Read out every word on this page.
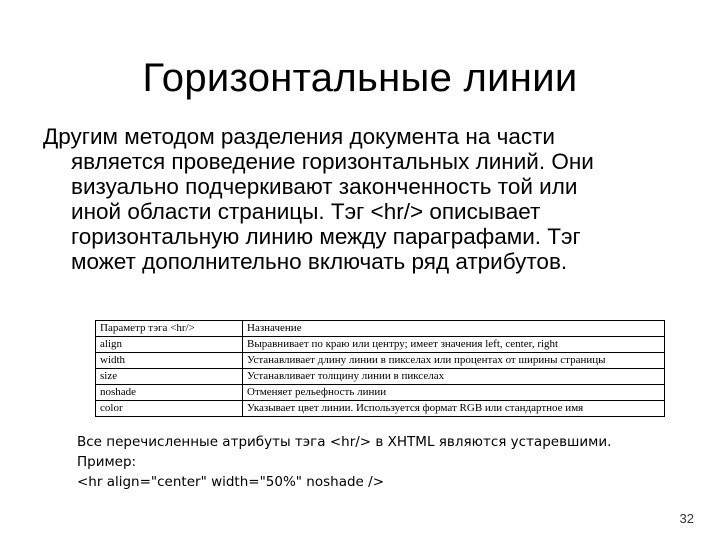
Горизонтальные линии
Другим методом разделения документа на части
является проведение горизонтальных линий. Они
визуально подчеркивают законченность той или
иной области страницы. Тэг <hr/> описывает
горизонтальную линию между параграфами. Тэг
может дополнительно включать ряд атрибутов.
Параметр тэга <hr/>	Назначение
align	Выравнивает по краю или центру; имеет значения left, center, right
width	Устанавливает длину линии в пикселах или процентах от ширины страницы
size	Устанавливает толщину линии в пикселах
noshade	Отменяет рельефность линии
color	Указывает цвет линии. Используется формат RGB или стандартное имя
Все перечисленные атрибуты тэга <hr/> в XHTML являются устаревшими.
Пример:
<hr align="center" width="50%" noshade />
32
